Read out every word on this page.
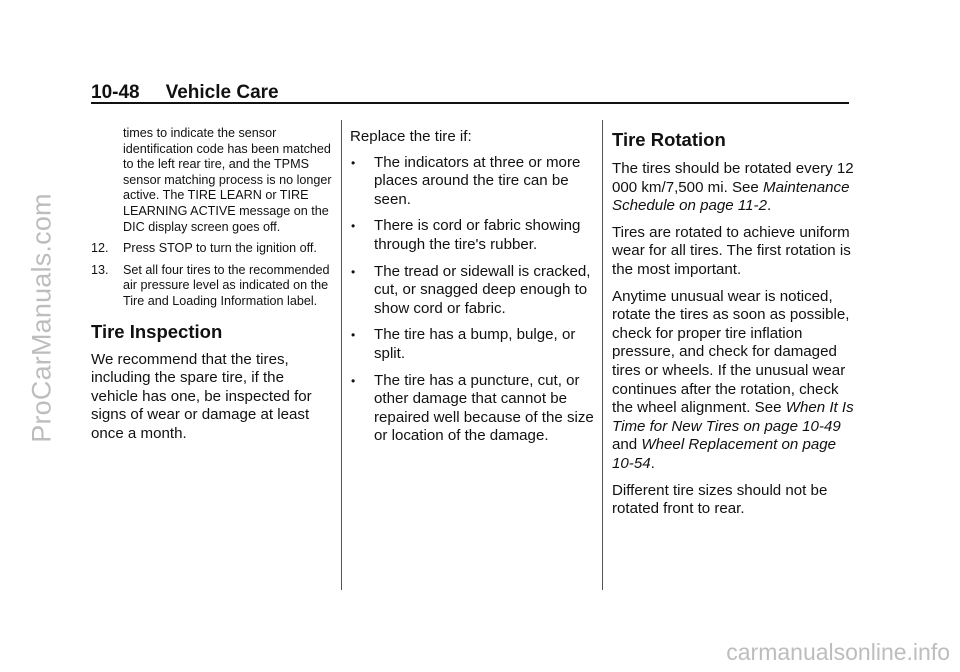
ProCarManuals.com
carmanualsonline.info
10-48 Vehicle Care
times to indicate the sensor identification code has been matched to the left rear tire, and the TPMS sensor matching process is no longer active. The TIRE LEARN or TIRE LEARNING ACTIVE message on the DIC display screen goes off.
12.	Press STOP to turn the ignition off.
13.	Set all four tires to the recommended air pressure level as indicated on the Tire and Loading Information label.
Tire Inspection

We recommend that the tires, including the spare tire, if the vehicle has one, be inspected for signs of wear or damage at least once a month.

Replace the tire if:

•	The indicators at three or more places around the tire can be seen.
•	There is cord or fabric showing through the tire's rubber.
•	The tread or sidewall is cracked, cut, or snagged deep enough to show cord or fabric.
•	The tire has a bump, bulge, or split.
•	The tire has a puncture, cut, or other damage that cannot be repaired well because of the size or location of the damage.
Tire Rotation

The tires should be rotated every 12 000 km/7,500 mi. See Maintenance Schedule on page 11-2.

Tires are rotated to achieve uniform wear for all tires. The first rotation is the most important.

Anytime unusual wear is noticed, rotate the tires as soon as possible, check for proper tire inflation pressure, and check for damaged tires or wheels. If the unusual wear continues after the rotation, check the wheel alignment. See When It Is Time for New Tires on page 10-49 and Wheel Replacement on page 10-54.

Different tire sizes should not be rotated front to rear.
